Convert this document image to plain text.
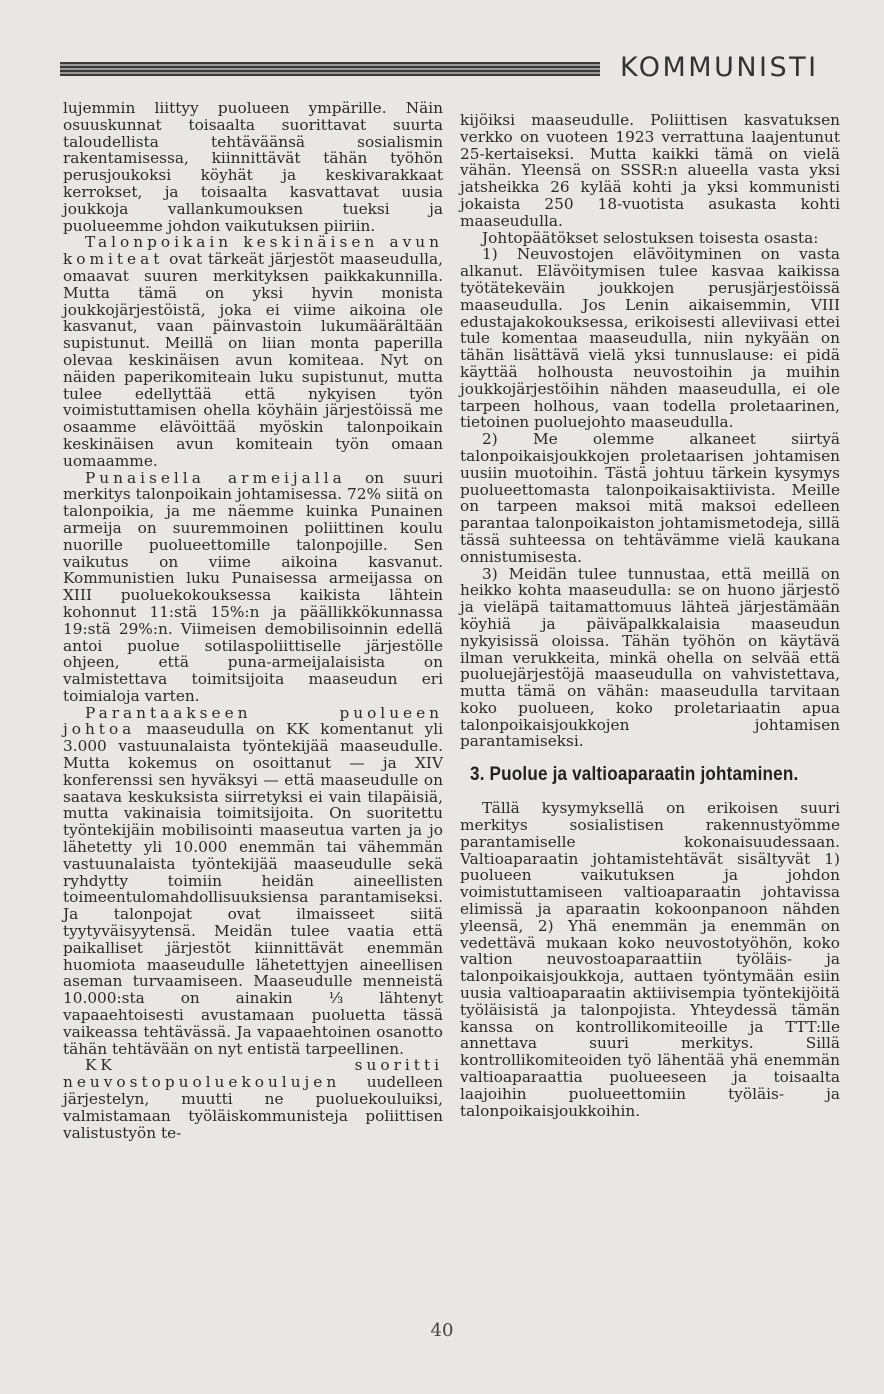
KOMMUNISTI

lujemmin liittyy puolueen ympärille. Näin osuuskunnat toisaalta suorittavat suurta taloudellista tehtäväänsä sosialismin rakentamisessa, kiinnittävät tähän työhön perusjoukoksi köyhät ja keskivarakkaat kerrokset, ja toisaalta kasvattavat uusia joukkoja vallankumouksen tueksi ja puolueemme johdon vaikutuksen piiriin.

Talonpoikain keskinäisen avun komiteat ovat tärkeät järjestöt maaseudulla, omaavat suuren merkityksen paikkakunnilla. Mutta tämä on yksi hyvin monista joukkojärjestöistä, joka ei viime aikoina ole kasvanut, vaan päinvastoin lukumäärältään supistunut. Meillä on liian monta paperilla olevaa keskinäisen avun komiteaa. Nyt on näiden paperikomiteain luku supistunut, mutta tulee edellyttää että nykyisen työn voimistuttamisen ohella köyhäin järjestöissä me osaamme elävöittää myöskin talonpoikain keskinäisen avun komiteain työn omaan uomaamme.

Punaisella armeijalla on suuri merkitys talonpoikain johtamisessa. 72% siitä on talonpoikia, ja me näemme kuinka Punainen armeija on suuremmoinen poliittinen koulu nuorille puolueettomille talonpojille. Sen vaikutus on viime aikoina kasvanut. Kommunistien luku Punaisessa armeijassa on XIII puoluekokouksessa kaikista lähtein kohonnut 11:stä 15%:n ja päällikkökunnassa 19:stä 29%:n. Viimeisen demobilisoinnin edellä antoi puolue sotilaspoliittiselle järjestölle ohjeen, että puna-armeijalaisista on valmistettava toimitsijoita maaseudun eri toimialoja varten.

Parantaakseen puolueen johtoa maaseudulla on KK komentanut yli 3.000 vastuunalaista työntekijää maaseudulle. Mutta kokemus on osoittanut — ja XIV konferenssi sen hyväksyi — että maaseudulle on saatava keskuksista siirretyksi ei vain tilapäisiä, mutta vakinaisia toimitsijoita. On suoritettu työntekijäin mobilisointi maaseutua varten ja jo lähetetty yli 10.000 enemmän tai vähemmän vastuunalaista työntekijää maaseudulle sekä ryhdytty toimiin heidän aineellisten toimeentulomahdollisuuksiensa parantamiseksi. Ja talonpojat ovat ilmaisseet siitä tyytyväisyytensä. Meidän tulee vaatia että paikalliset järjestöt kiinnittävät enemmän huomiota maaseudulle lähetettyjen aineellisen aseman turvaamiseen. Maaseudulle menneistä 10.000:sta on ainakin ⅓ lähtenyt vapaaehtoisesti avustamaan puoluetta tässä vaikeassa tehtävässä. Ja vapaaehtoinen osanotto tähän tehtävään on nyt entistä tarpeellinen.

KK suoritti neuvostopuoluekoulujen uudelleen järjestelyn, muutti ne puoluekouluiksi, valmistamaan työläiskommunisteja poliittisen valistustyön te-

kijöiksi maaseudulle. Poliittisen kasvatuksen verkko on vuoteen 1923 verrattuna laajentunut 25-kertaiseksi. Mutta kaikki tämä on vielä vähän. Yleensä on SSSR:n alueella vasta yksi jatsheikka 26 kylää kohti ja yksi kommunisti jokaista 250 18-vuotista asukasta kohti maaseudulla.

Johtopäätökset selostuksen toisesta osasta:

1) Neuvostojen elävöityminen on vasta alkanut. Elävöitymisen tulee kasvaa kaikissa työtätekeväin joukkojen perusjärjestöissä maaseudulla. Jos Lenin aikaisemmin, VIII edustajakokouksessa, erikoisesti alleviivasi ettei tule komentaa maaseudulla, niin nykyään on tähän lisättävä vielä yksi tunnuslause: ei pidä käyttää holhousta neuvostoihin ja muihin joukkojärjestöihin nähden maaseudulla, ei ole tarpeen holhous, vaan todella proletaarinen, tietoinen puoluejohto maaseudulla.

2) Me olemme alkaneet siirtyä talonpoikaisjoukkojen proletaarisen johtamisen uusiin muotoihin. Tästä johtuu tärkein kysymys puolueettomasta talonpoikaisaktiivista. Meille on tarpeen maksoi mitä maksoi edelleen parantaa talonpoikaiston johtamismetodeja, sillä tässä suhteessa on tehtävämme vielä kaukana onnistumisesta.

3) Meidän tulee tunnustaa, että meillä on heikko kohta maaseudulla: se on huono järjestö ja vieläpä taitamattomuus lähteä järjestämään köyhiä ja päiväpalkkalaisia maaseudun nykyisissä oloissa. Tähän työhön on käytävä ilman verukkeita, minkä ohella on selvää että puoluejärjestöjä maaseudulla on vahvistettava, mutta tämä on vähän: maaseudulla tarvitaan koko puolueen, koko proletariaatin apua talonpoikaisjoukkojen johtamisen parantamiseksi.

3. Puolue ja valtioaparaatin johtaminen.

Tällä kysymyksellä on erikoisen suuri merkitys sosialistisen rakennustyömme parantamiselle kokonaisuudessaan. Valtioaparaatin johtamistehtävät sisältyvät 1) puolueen vaikutuksen ja johdon voimistuttamiseen valtioaparaatin johtavissa elimissä ja aparaatin kokoonpanoon nähden yleensä, 2) Yhä enemmän ja enemmän on vedettävä mukaan koko neuvostotyöhön, koko valtion neuvostoaparaattiin työläis- ja talonpoikaisjoukkoja, auttaen työntymään esiin uusia valtioaparaatin aktiivisempia työntekijöitä työläisistä ja talonpojista. Yhteydessä tämän kanssa on kontrollikomiteoille ja TTT:lle annettava suuri merkitys. Sillä kontrollikomiteoiden työ lähentää yhä enemmän valtioaparaattia puolueeseen ja toisaalta laajoihin puolueettomiin työläis- ja talonpoikaisjoukkoihin.

40
